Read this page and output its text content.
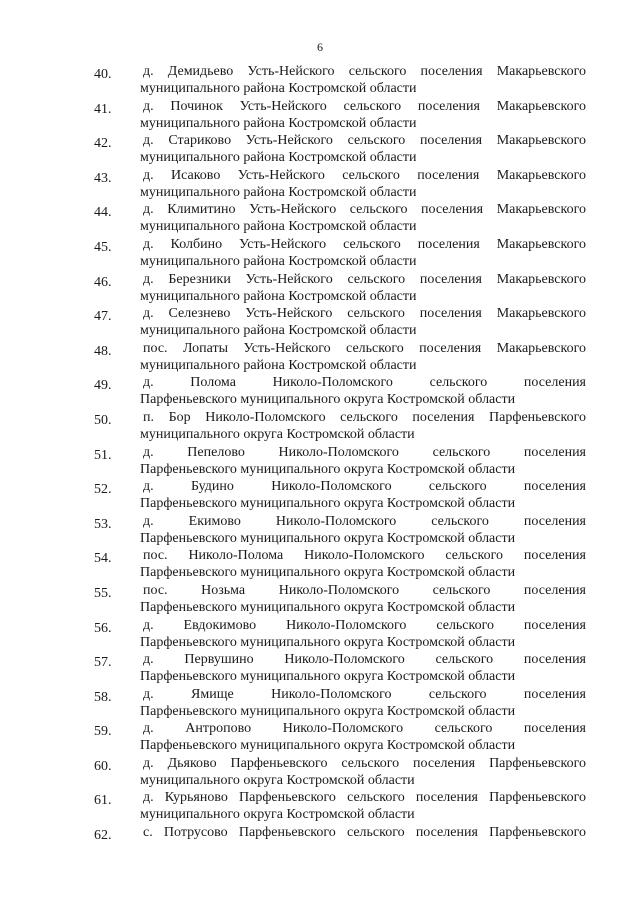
6
40. д. Демидьево Усть-Нейского сельского поселения Макарьевского
муниципального района Костромской области
41. д. Починок Усть-Нейского сельского поселения Макарьевского
муниципального района Костромской области
42. д. Стариково Усть-Нейского сельского поселения Макарьевского
муниципального района Костромской области
43. д. Исаково Усть-Нейского сельского поселения Макарьевского
муниципального района Костромской области
44. д. Климитино Усть-Нейского сельского поселения Макарьевского
муниципального района Костромской области
45. д. Колбино Усть-Нейского сельского поселения Макарьевского
муниципального района Костромской области
46. д. Березники Усть-Нейского сельского поселения Макарьевского
муниципального района Костромской области
47. д. Селезнево Усть-Нейского сельского поселения Макарьевского
муниципального района Костромской области
48. пос. Лопаты Усть-Нейского сельского поселения Макарьевского
муниципального района Костромской области
49. д. Полома Николо-Поломского сельского поселения
Парфеньевского муниципального округа Костромской области
50. п. Бор Николо-Поломского сельского поселения Парфеньевского
муниципального округа Костромской области
51. д. Пепелово Николо-Поломского сельского поселения
Парфеньевского муниципального округа Костромской области
52. д. Будино Николо-Поломского сельского поселения
Парфеньевского муниципального округа Костромской области
53. д. Екимово Николо-Поломского сельского поселения
Парфеньевского муниципального округа Костромской области
54. пос. Николо-Полома Николо-Поломского сельского поселения
Парфеньевского муниципального округа Костромской области
55. пос. Нозьма Николо-Поломского сельского поселения
Парфеньевского муниципального округа Костромской области
56. д. Евдокимово Николо-Поломского сельского поселения
Парфеньевского муниципального округа Костромской области
57. д. Первушино Николо-Поломского сельского поселения
Парфеньевского муниципального округа Костромской области
58. д. Ямище Николо-Поломского сельского поселения
Парфеньевского муниципального округа Костромской области
59. д. Антропово Николо-Поломского сельского поселения
Парфеньевского муниципального округа Костромской области
60. д. Дьяково Парфеньевского сельского поселения Парфеньевского
муниципального округа Костромской области
61. д. Курьяново Парфеньевского сельского поселения Парфеньевского
муниципального округа Костромской области
62. с. Потрусово Парфеньевского сельского поселения Парфеньевского
